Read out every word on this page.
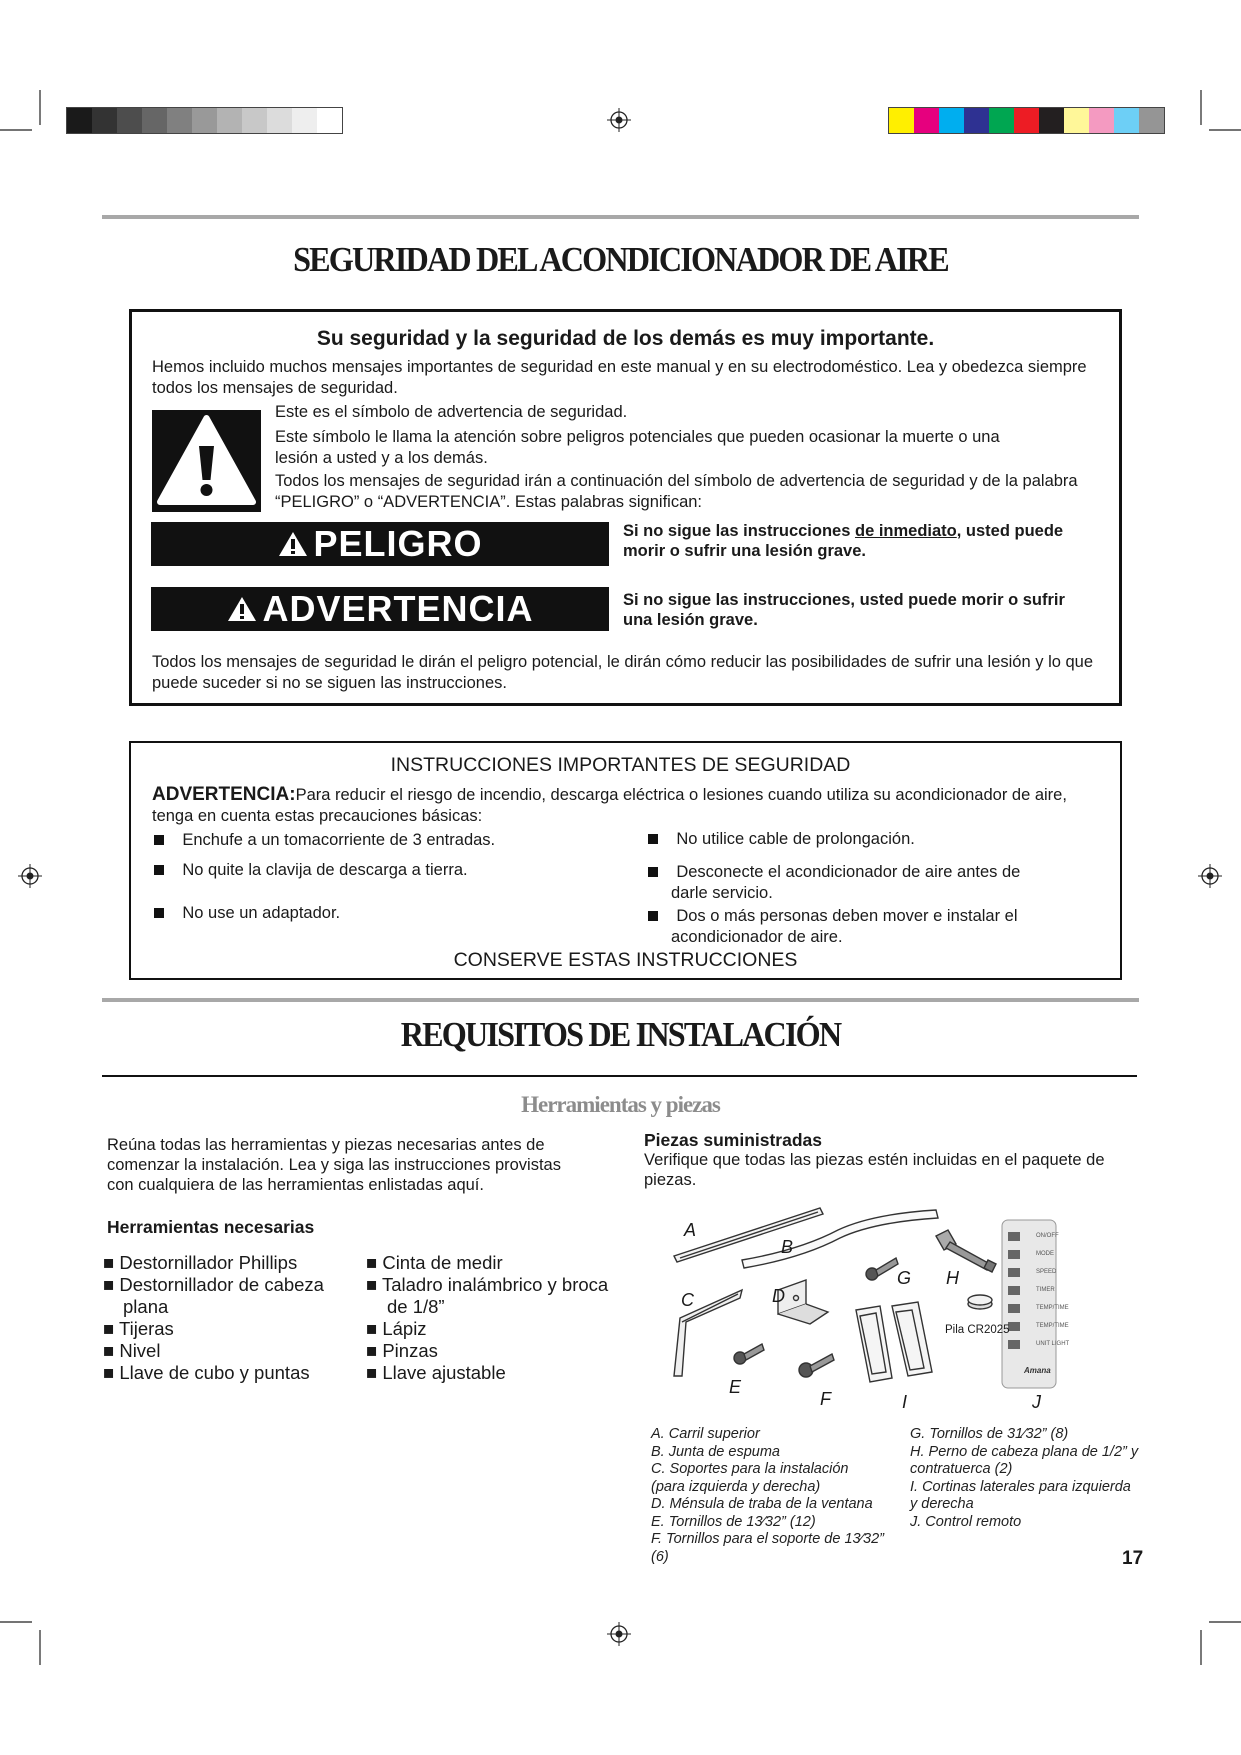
SEGURIDAD DEL ACONDICIONADOR DE AIRE
Su seguridad y la seguridad de los demás es muy importante.
Hemos incluido muchos mensajes importantes de seguridad en este manual y en su electrodoméstico. Lea y obedezca siempre
todos los mensajes de seguridad.
Este es el símbolo de advertencia de seguridad.
Este símbolo le llama la atención sobre peligros potenciales que pueden ocasionar la muerte o una
lesión a usted y a los demás.
Todos los mensajes de seguridad irán a continuación del símbolo de advertencia de seguridad y de la palabra
“PELIGRO” o “ADVERTENCIA”. Estas palabras significan:
PELIGRO	Si no sigue las instrucciones de inmediato, usted puede
morir o sufrir una lesión grave.
ADVERTENCIA	Si no sigue las instrucciones, usted puede morir o sufrir
una lesión grave.
Todos los mensajes de seguridad le dirán el peligro potencial, le dirán cómo reducir las posibilidades de sufrir una lesión y lo que
puede suceder si no se siguen las instrucciones.
INSTRUCCIONES IMPORTANTES DE SEGURIDAD
ADVERTENCIA:Para reducir el riesgo de incendio, descarga eléctrica o lesiones cuando utiliza su acondicionador de aire,
tenga en cuenta estas precauciones básicas:
Enchufe a un tomacorriente de 3 entradas.
No quite la clavija de descarga a tierra.
No use un adaptador.
No utilice cable de prolongación.
Desconecte el acondicionador de aire antes de
darle servicio.
Dos o más personas deben mover e instalar el
acondicionador de aire.
CONSERVE ESTAS INSTRUCCIONES
REQUISITOS DE INSTALACIÓN
Herramientas y piezas
Reúna todas las herramientas y piezas necesarias antes de
comenzar la instalación. Lea y siga las instrucciones provistas
con cualquiera de las herramientas enlistadas aquí.
Herramientas necesarias
■ Destornillador Phillips
■ Destornillador de cabeza
plana
■ Tijeras
■ Nivel
■ Llave de cubo y puntas
■ Cinta de medir
■ Taladro inalámbrico y broca
de 1/8”
■ Lápiz
■ Pinzas
■ Llave ajustable
Piezas suministradas
Verifique que todas las piezas estén incluidas en el paquete de
piezas.
ON/OFF
MODE
SPEED
TIMER
TEMP/TIME
TEMP/TIME
UNIT LIGHT
Amana
A
B
C	D
E
F
G H
I	J
Pila CR2025
A. Carril superior
B. Junta de espuma
C. Soportes para la instalación
(para izquierda y derecha)
D. Ménsula de traba de la ventana
E. Tornillos de 13⁄32” (12)
F. Tornillos para el soporte de 13⁄32”
(6)
G. Tornillos de 31⁄32” (8)
H. Perno de cabeza plana de 1/2” y
contratuerca (2)
I. Cortinas laterales para izquierda
y derecha
J. Control remoto
17
